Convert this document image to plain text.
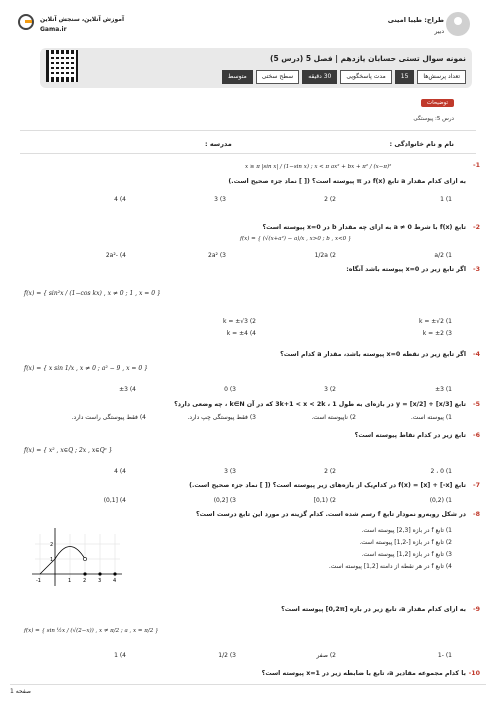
آموزش آنلاین، سنجش آنلاین
Gama.ir
طراح: طیبا امینی
دبیر
نمونه سوال تستی حسابان یازدهم | فصل 5 (درس 5)
تعداد پرسش‌ها
15
مدت پاسخگویی
30 دقیقه
سطح سختی
متوسط
توضیحات
درس 5: پیوستگی
نام و نام خانوادگی :
مدرسه :
1-
به ازای کدام مقدار a تابع f(x) در π پیوسته است؟ ([ ] نماد جزء صحیح است.)
x ≥ π |sin x| / (1−sin x) ; x < π ax² + bx + π² / (x−π)²
1) 1
2) 2
3) 3
4) 4
2-
تابع f(x) با شرط a ≠ 0 به ازای چه مقدار b در x=0 پیوسته است؟
f(x) = { (√(x+a²) − a)/x , x>0 ; b , x<0 }
1) a/2
2) 1/2a
3) 2a²
4) -2a²
3-
اگر تابع زیر در x=0 پیوسته باشد آنگاه:
f(x) = { sin²x / (1−cos kx) , x ≠ 0 ; 1 , x = 0 }
1) k = ±√2
2) k = ±√3
3) k = ±2
4) k = ±4
4-
اگر تابع زیر در نقطه x=0 پیوسته باشد، مقدار a کدام است؟
f(x) = { x sin 1/x , x ≠ 0 ; a² − 9 , x = 0 }
1) ±3
2) 3
3) 0
4) ±3
5-
تابع y = [x/2] + [x/3] در بازه‌ای به طول 1 ، 3k+1 < x < 2k که در آن k∈N ، چه وضعی دارد؟
1) پیوسته است.
2) ناپیوسته است.
3) فقط پیوستگی چپ دارد.
4) فقط پیوستگی راست دارد.
6-
تابع زیر در کدام نقاط پیوسته است؟
f(x) = { x² , x∈Q ; 2x , x∈Qᶜ }
1) 0 ، 2
2) 2
3) 3
4) 4
7-
تابع f(x) = [x] + [-x] در کدام‌یک از بازه‌های زیر پیوسته است؟ ([ ] نماد جزء صحیح است.)
1) (0,2)
2) (0,1]
3) [0,2)
4) [0,1)
8-
در شکل روبه‌رو نمودار تابع f رسم شده است. کدام گزینه در مورد این تابع درست است؟
1) تابع f در بازه [2,3] پیوسته است.
2) تابع f در بازه [-1,2] پیوسته است.
3) تابع f در بازه [1,2] پیوسته است.
4) تابع f در هر نقطه از دامنه [1,2] پیوسته است.
-1	1 2 3 4
1
2
9-
به ازای کدام مقدار a، تابع زیر در بازه [0,2π] پیوسته است؟
f(x) = { sin ½x / (√(2−x)) , x ≠ π/2 ; a , x = π/2 }
1) -1
2) صفر
3) 1/2
4) 1
10-
با کدام مجموعه مقادیر a، تابع با ضابطه زیر در x=1 پیوسته است؟
صفحه 1
